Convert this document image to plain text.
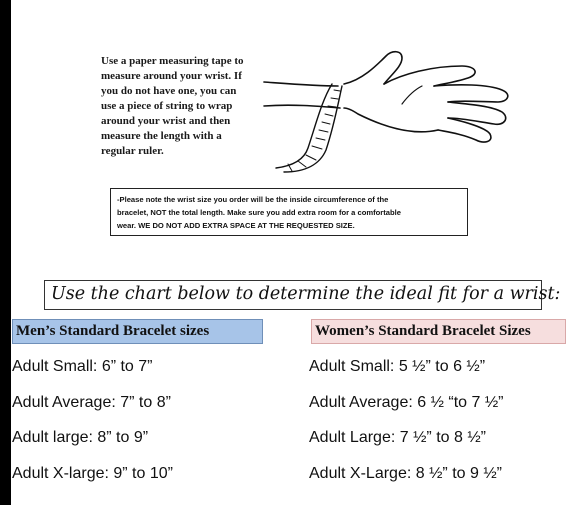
Use a paper measuring tape to
measure around your wrist. If
you do not have one, you can
use a piece of string to wrap
around your wrist and then
measure the length with a
regular ruler.
-Please note the wrist size you order will be the inside circumference of the
bracelet, NOT the total length. Make sure you add extra room for a comfortable
wear. WE DO NOT ADD EXTRA SPACE AT THE REQUESTED SIZE.
Use the chart below to determine the ideal fit for a wrist:
Men’s Standard Bracelet sizes	Women’s Standard Bracelet Sizes
Adult Small: 6” to 7”
Adult Average: 7” to 8”
Adult large: 8” to 9”
Adult X-large: 9” to 10”
Adult Small: 5 ½” to 6 ½”
Adult Average: 6 ½ “to 7 ½”
Adult Large: 7 ½” to 8 ½”
Adult X-Large: 8 ½” to 9 ½”
